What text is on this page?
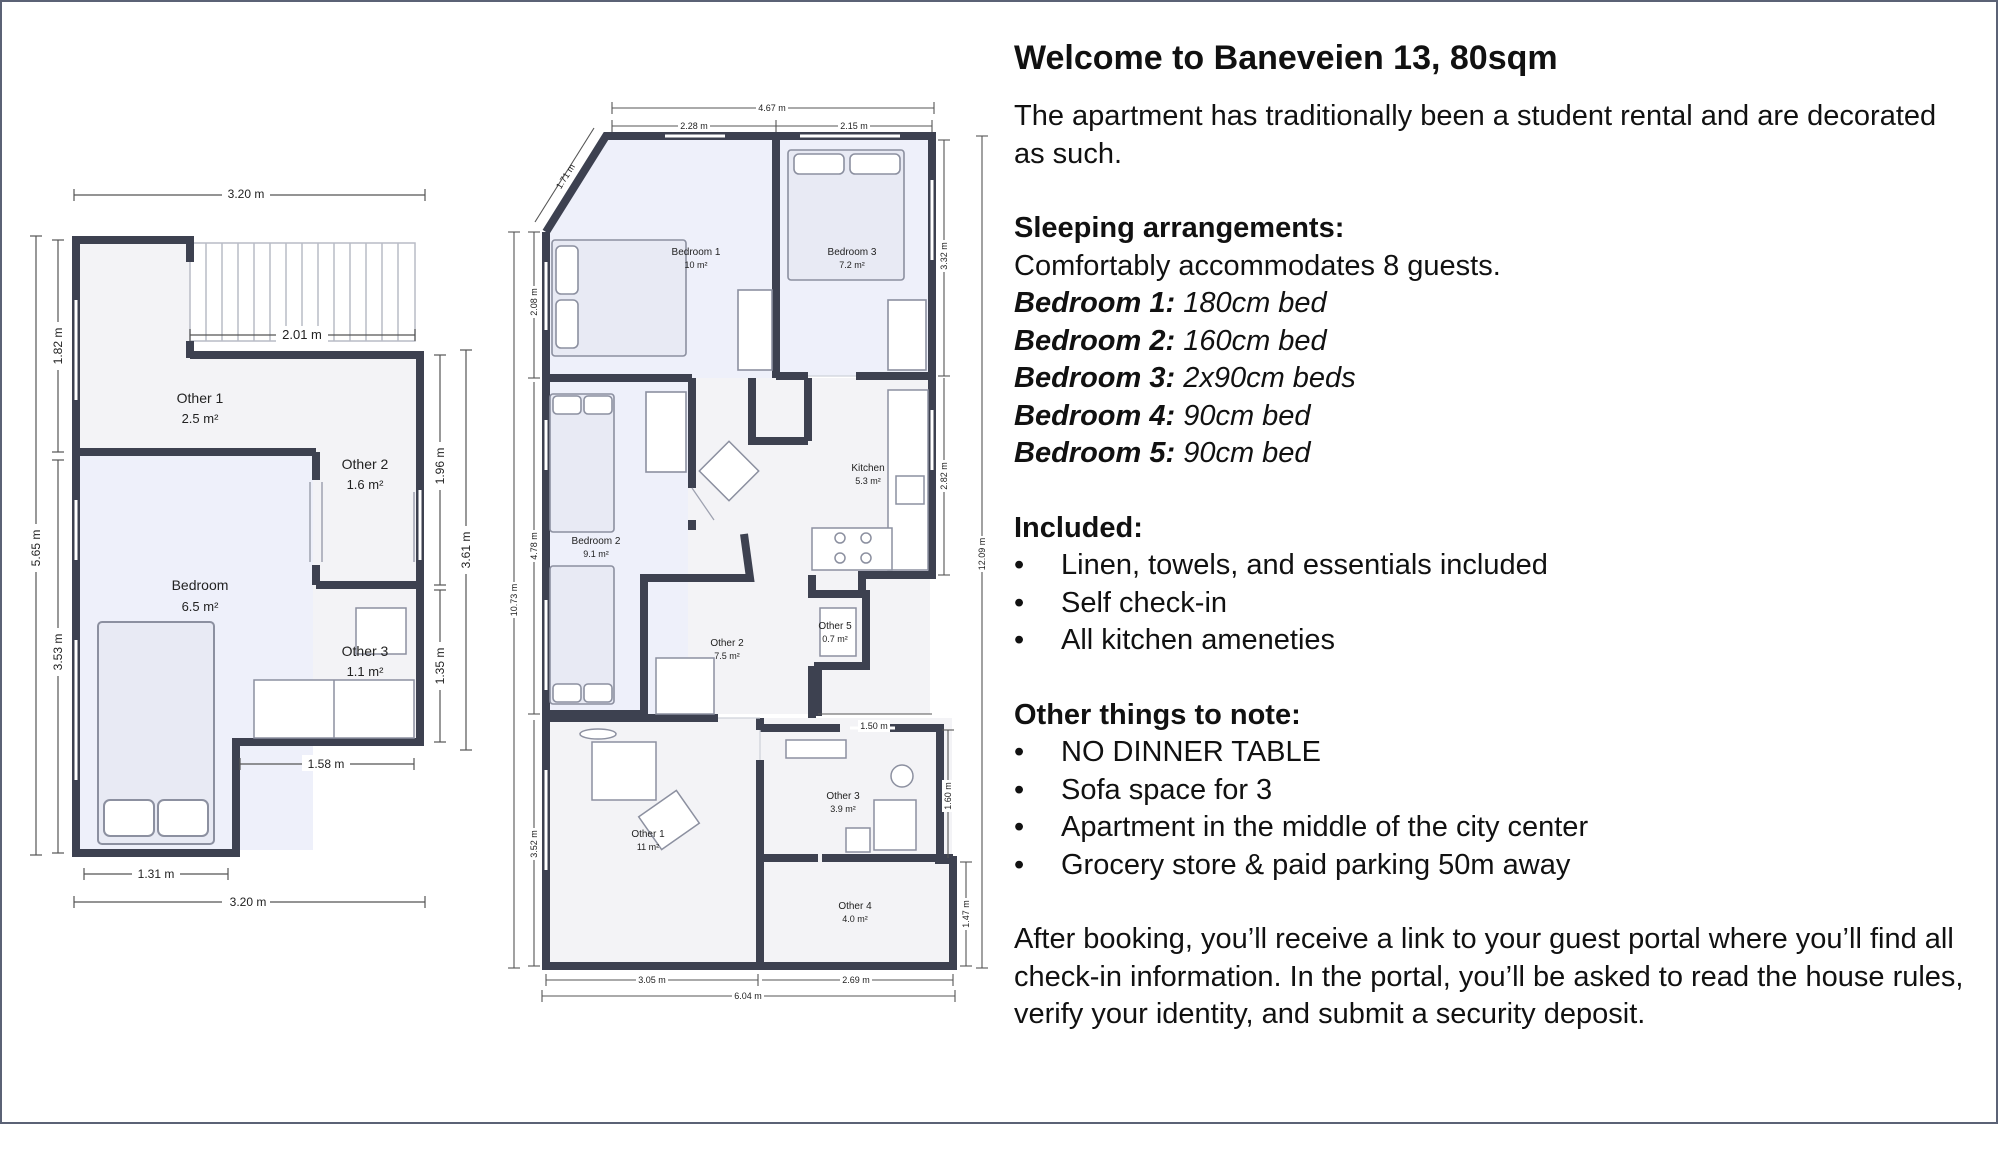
3.20 m
2.01 m
1.82 m
5.65 m
3.53 m
1.96 m
3.61 m
1.35 m
1.58 m
1.31 m
3.20 m
Other 1
2.5 m²
Other 2
1.6 m²
Bedroom
6.5 m²
Other 3
1.1 m²
4.67 m
2.28 m	2.15 m
1.71 m
3.32 m
2.82 m
12.09 m
2.08 m
4.78 m
10.73 m
3.52 m
1.50 m
1.60 m
1.47 m
3.05 m	2.69 m
6.04 m
Bedroom 1
10 m²
Bedroom 3
7.2 m²
Kitchen
5.3 m²
Bedroom 2
9.1 m²
Other 5
0.7 m²
Other 2
7.5 m²
Other 3
3.9 m²
Other 1
11 m²
Other 4
4.0 m²
Welcome to Baneveien 13, 80sqm

The apartment has traditionally been a student rental and are decorated as such.

Sleeping arrangements:

Comfortably accommodates 8 guests.

Bedroom 1: 180cm bed

Bedroom 2: 160cm bed

Bedroom 3: 2x90cm beds

Bedroom 4: 90cm bed

Bedroom 5: 90cm bed

Included:

• Linen, towels, and essentials included
• Self check-in
• All kitchen ameneties

Other things to note:

• NO DINNER TABLE
• Sofa space for 3
• Apartment in the middle of the city center
• Grocery store & paid parking 50m away

After booking, you’ll receive a link to your guest portal where you’ll find all check-in information. In the portal, you’ll be asked to read the house rules, verify your identity, and submit a security deposit.
